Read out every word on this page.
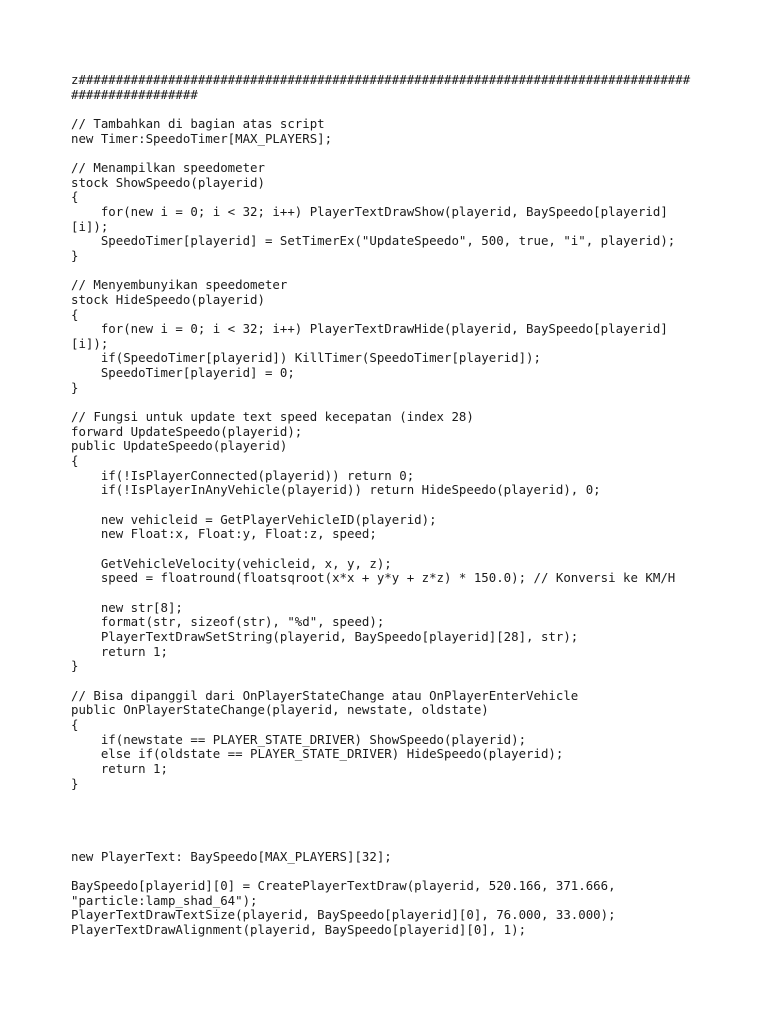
z##################################################################################
#################
// Tambahkan di bagian atas script
new Timer:SpeedoTimer[MAX_PLAYERS];
// Menampilkan speedometer
stock ShowSpeedo(playerid)
{
for(new i = 0; i < 32; i++) PlayerTextDrawShow(playerid, BaySpeedo[playerid]
[i]);
SpeedoTimer[playerid] = SetTimerEx("UpdateSpeedo", 500, true, "i", playerid);
}
// Menyembunyikan speedometer
stock HideSpeedo(playerid)
{
for(new i = 0; i < 32; i++) PlayerTextDrawHide(playerid, BaySpeedo[playerid]
[i]);
if(SpeedoTimer[playerid]) KillTimer(SpeedoTimer[playerid]);
SpeedoTimer[playerid] = 0;
}
// Fungsi untuk update text speed kecepatan (index 28)
forward UpdateSpeedo(playerid);
public UpdateSpeedo(playerid)
{
if(!IsPlayerConnected(playerid)) return 0;
if(!IsPlayerInAnyVehicle(playerid)) return HideSpeedo(playerid), 0;
new vehicleid = GetPlayerVehicleID(playerid);
new Float:x, Float:y, Float:z, speed;
GetVehicleVelocity(vehicleid, x, y, z);
speed = floatround(floatsqroot(x*x + y*y + z*z) * 150.0); // Konversi ke KM/H
new str[8];
format(str, sizeof(str), "%d", speed);
PlayerTextDrawSetString(playerid, BaySpeedo[playerid][28], str);
return 1;
}
// Bisa dipanggil dari OnPlayerStateChange atau OnPlayerEnterVehicle
public OnPlayerStateChange(playerid, newstate, oldstate)
{
if(newstate == PLAYER_STATE_DRIVER) ShowSpeedo(playerid);
else if(oldstate == PLAYER_STATE_DRIVER) HideSpeedo(playerid);
return 1;
}
new PlayerText: BaySpeedo[MAX_PLAYERS][32];
BaySpeedo[playerid][0] = CreatePlayerTextDraw(playerid, 520.166, 371.666,
"particle:lamp_shad_64");
PlayerTextDrawTextSize(playerid, BaySpeedo[playerid][0], 76.000, 33.000);
PlayerTextDrawAlignment(playerid, BaySpeedo[playerid][0], 1);
